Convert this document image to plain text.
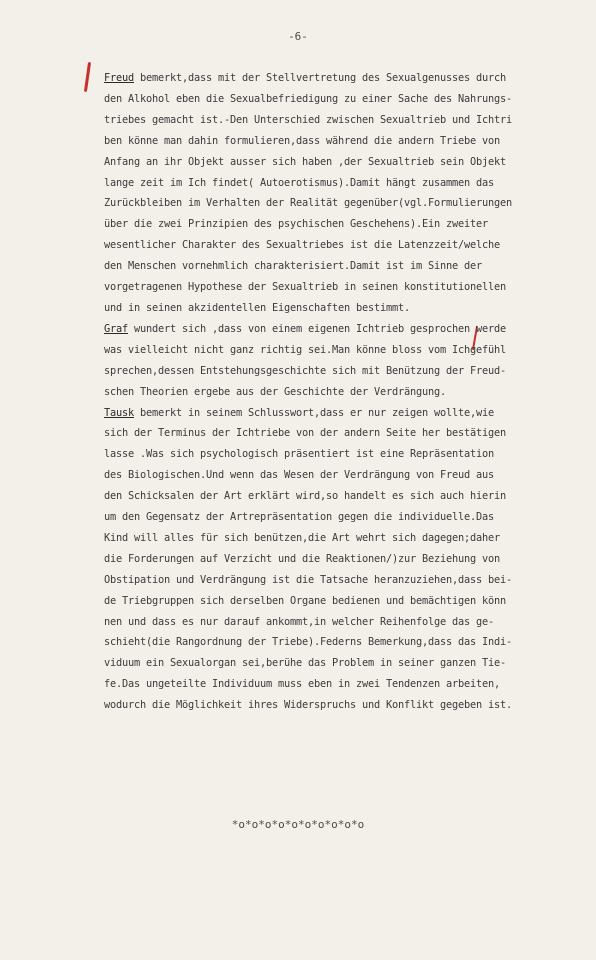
-6-
Freud bemerkt,dass mit der Stellvertretung des Sexualgenusses durch
den Alkohol eben die Sexualbefriedigung zu einer Sache des Nahrungs-
triebes gemacht ist.-Den Unterschied zwischen Sexualtrieb und Ichtri
ben könne man dahin formulieren,dass während die andern Triebe von
Anfang an ihr Objekt ausser sich haben ,der Sexualtrieb sein Objekt
lange zeit im Ich findet( Autoerotismus).Damit hängt zusammen das
Zurückbleiben im Verhalten der Realität gegenüber(vgl.Formulierungen
über die zwei Prinzipien des psychischen Geschehens).Ein zweiter
wesentlicher Charakter des Sexualtriebes ist die Latenzzeit/welche
den Menschen vornehmlich charakterisiert.Damit ist im Sinne der
vorgetragenen Hypothese der Sexualtrieb in seinen konstitutionellen
und in seinen akzidentellen Eigenschaften bestimmt.
Graf wundert sich ,dass von einem eigenen Ichtrieb gesprochen werde
was vielleicht nicht ganz richtig sei.Man könne bloss vom Ichgefühl
sprechen,dessen Entstehungsgeschichte sich mit Benützung der Freud-
schen Theorien ergebe aus der Geschichte der Verdrängung.
Tausk bemerkt in seinem Schlusswort,dass er nur zeigen wollte,wie
sich der Terminus der Ichtriebe von der andern Seite her bestätigen
lasse .Was sich psychologisch präsentiert ist eine Repräsentation
des Biologischen.Und wenn das Wesen der Verdrängung von Freud aus
den Schicksalen der Art erklärt wird,so handelt es sich auch hierin
um den Gegensatz der Artrepräsentation gegen die individuelle.Das
Kind will alles für sich benützen,die Art wehrt sich dagegen;daher
die Forderungen auf Verzicht und die Reaktionen/)zur Beziehung von
Obstipation und Verdrängung ist die Tatsache heranzuziehen,dass bei-
de Triebgruppen sich derselben Organe bedienen und bemächtigen könn
nen und dass es nur darauf ankommt,in welcher Reihenfolge das ge-
schieht(die Rangordnung der Triebe).Federns Bemerkung,dass das Indi-
viduum ein Sexualorgan sei,berühe das Problem in seiner ganzen Tie-
fe.Das ungeteilte Individuum muss eben in zwei Tendenzen arbeiten,
wodurch die Möglichkeit ihres Widerspruchs und Konflikt gegeben ist.
*o*o*o*o*o*o*o*o*o*o
